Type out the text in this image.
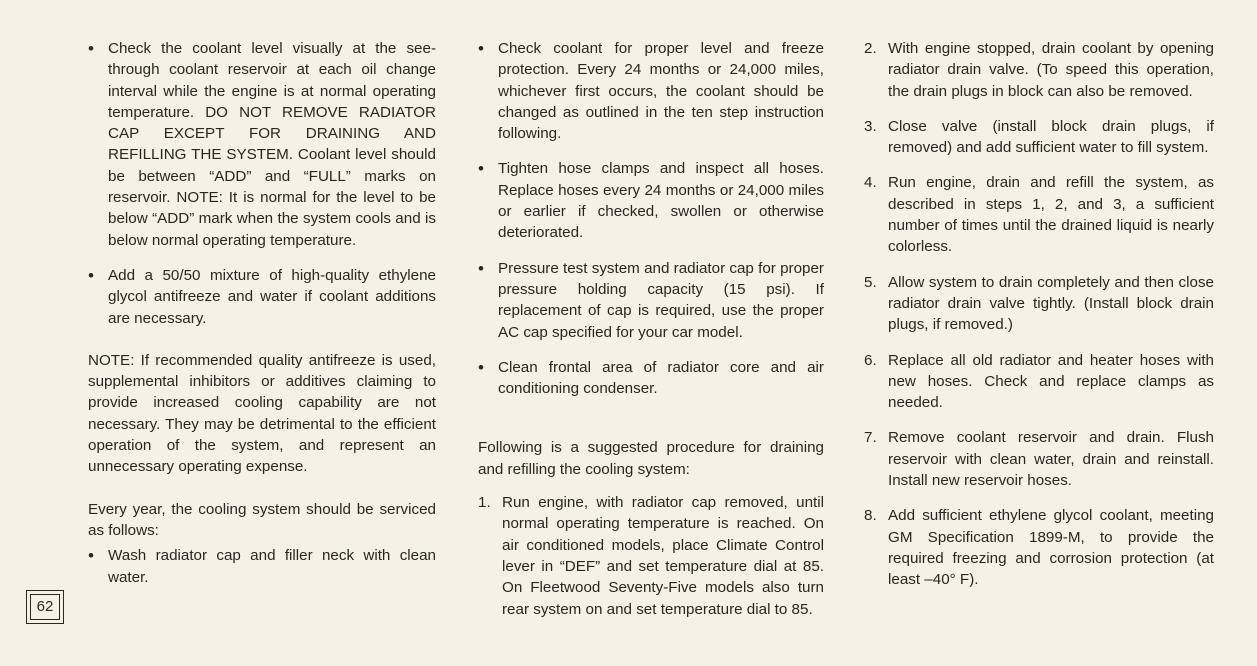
• Check the coolant level visually at the see-through coolant reservoir at each oil change interval while the engine is at normal operating temperature. DO NOT REMOVE RADIATOR CAP EXCEPT FOR DRAINING AND REFILLING THE SYSTEM. Coolant level should be between “ADD” and “FULL” marks on reservoir. NOTE: It is normal for the level to be below “ADD” mark when the system cools and is below normal operating temperature.

• Add a 50/50 mixture of high-quality ethylene glycol antifreeze and water if coolant additions are necessary.

NOTE: If recommended quality antifreeze is used, supplemental inhibitors or additives claiming to provide increased cooling capability are not necessary. They may be detrimental to the efficient operation of the system, and represent an unnecessary operating expense.

Every year, the cooling system should be serviced as follows:

• Wash radiator cap and filler neck with clean water.

• Check coolant for proper level and freeze protection. Every 24 months or 24,000 miles, whichever first occurs, the coolant should be changed as outlined in the ten step instruction following.

• Tighten hose clamps and inspect all hoses. Replace hoses every 24 months or 24,000 miles or earlier if checked, swollen or otherwise deteriorated.

• Pressure test system and radiator cap for proper pressure holding capacity (15 psi). If replacement of cap is required, use the proper AC cap specified for your car model.

• Clean frontal area of radiator core and air conditioning condenser.

Following is a suggested procedure for draining and refilling the cooling system:

1. Run engine, with radiator cap removed, until normal operating temperature is reached. On air conditioned models, place Climate Control lever in “DEF” and set temperature dial at 85. On Fleetwood Seventy-Five models also turn rear system on and set temperature dial to 85.
2. With engine stopped, drain coolant by opening radiator drain valve. (To speed this operation, the drain plugs in block can also be removed.
3. Close valve (install block drain plugs, if removed) and add sufficient water to fill system.
4. Run engine, drain and refill the system, as described in steps 1, 2, and 3, a sufficient number of times until the drained liquid is nearly colorless.
5. Allow system to drain completely and then close radiator drain valve tightly. (Install block drain plugs, if removed.)
6. Replace all old radiator and heater hoses with new hoses. Check and replace clamps as needed.
7. Remove coolant reservoir and drain. Flush reservoir with clean water, drain and reinstall. Install new reservoir hoses.
8. Add sufficient ethylene glycol coolant, meeting GM Specification 1899-M, to provide the required freezing and corrosion protection (at least –40° F).
62
